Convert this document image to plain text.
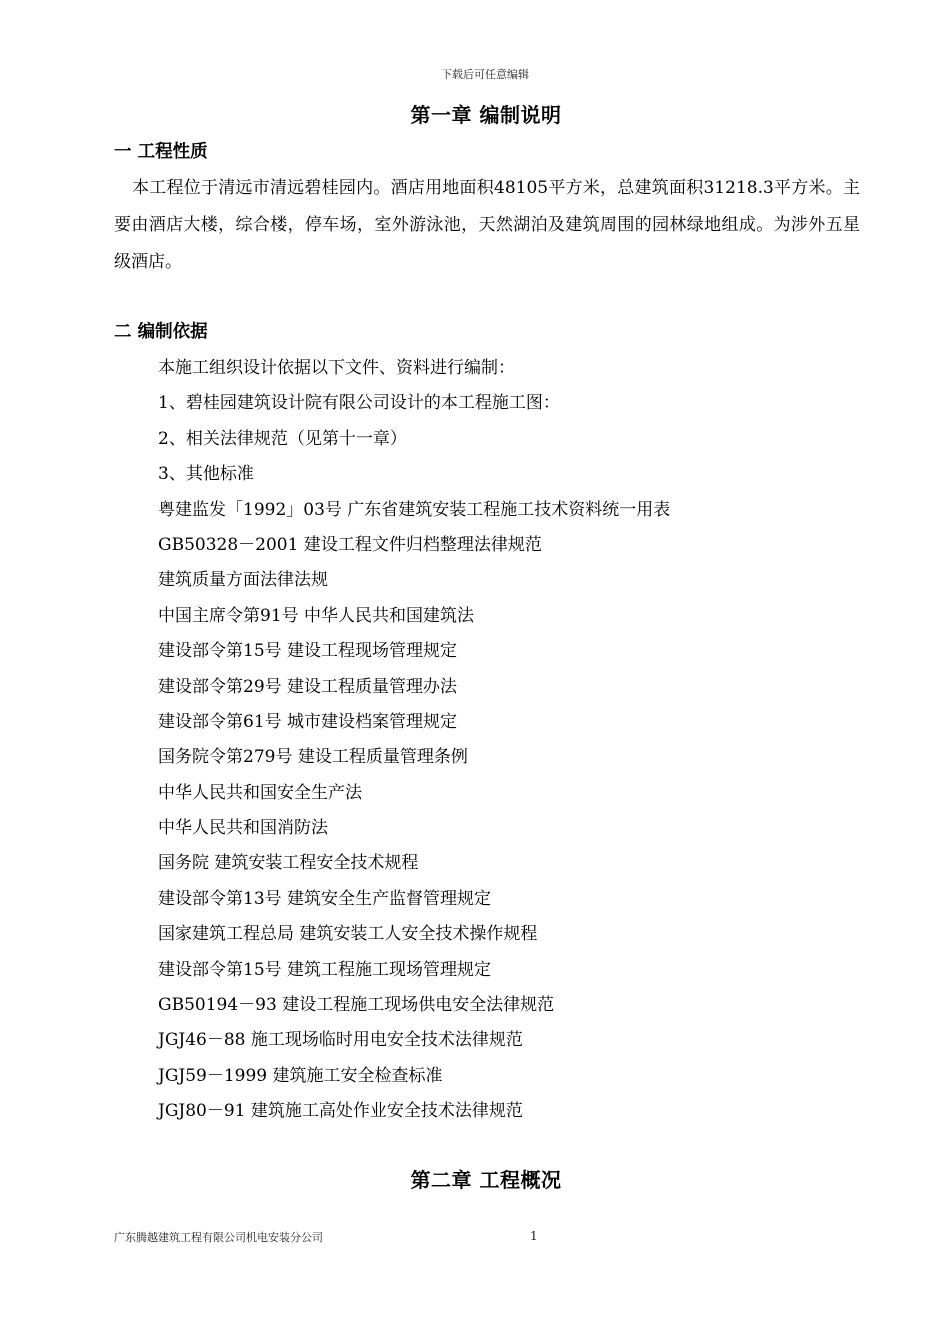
下载后可任意编辑
第一章 编制说明
一 工程性质
本工程位于清远市清远碧桂园内。酒店用地面积48105平方米，总建筑面积31218.3平方米。主要由酒店大楼，综合楼，停车场，室外游泳池，天然湖泊及建筑周围的园林绿地组成。为涉外五星级酒店。
二 编制依据
本施工组织设计依据以下文件、资料进行编制：
1、碧桂园建筑设计院有限公司设计的本工程施工图：
2、相关法律规范（见第十一章）
3、其他标准
粤建监发「1992」03号 广东省建筑安装工程施工技术资料统一用表
GB50328－2001 建设工程文件归档整理法律规范
建筑质量方面法律法规
中国主席令第91号 中华人民共和国建筑法
建设部令第15号 建设工程现场管理规定
建设部令第29号 建设工程质量管理办法
建设部令第61号 城市建设档案管理规定
国务院令第279号 建设工程质量管理条例
中华人民共和国安全生产法
中华人民共和国消防法
国务院 建筑安装工程安全技术规程
建设部令第13号 建筑安全生产监督管理规定
国家建筑工程总局 建筑安装工人安全技术操作规程
建设部令第15号 建筑工程施工现场管理规定
GB50194－93 建设工程施工现场供电安全法律规范
JGJ46－88 施工现场临时用电安全技术法律规范
JGJ59－1999 建筑施工安全检查标准
JGJ80－91 建筑施工高处作业安全技术法律规范
第二章 工程概况
广东腾越建筑工程有限公司机电安装分公司	1
